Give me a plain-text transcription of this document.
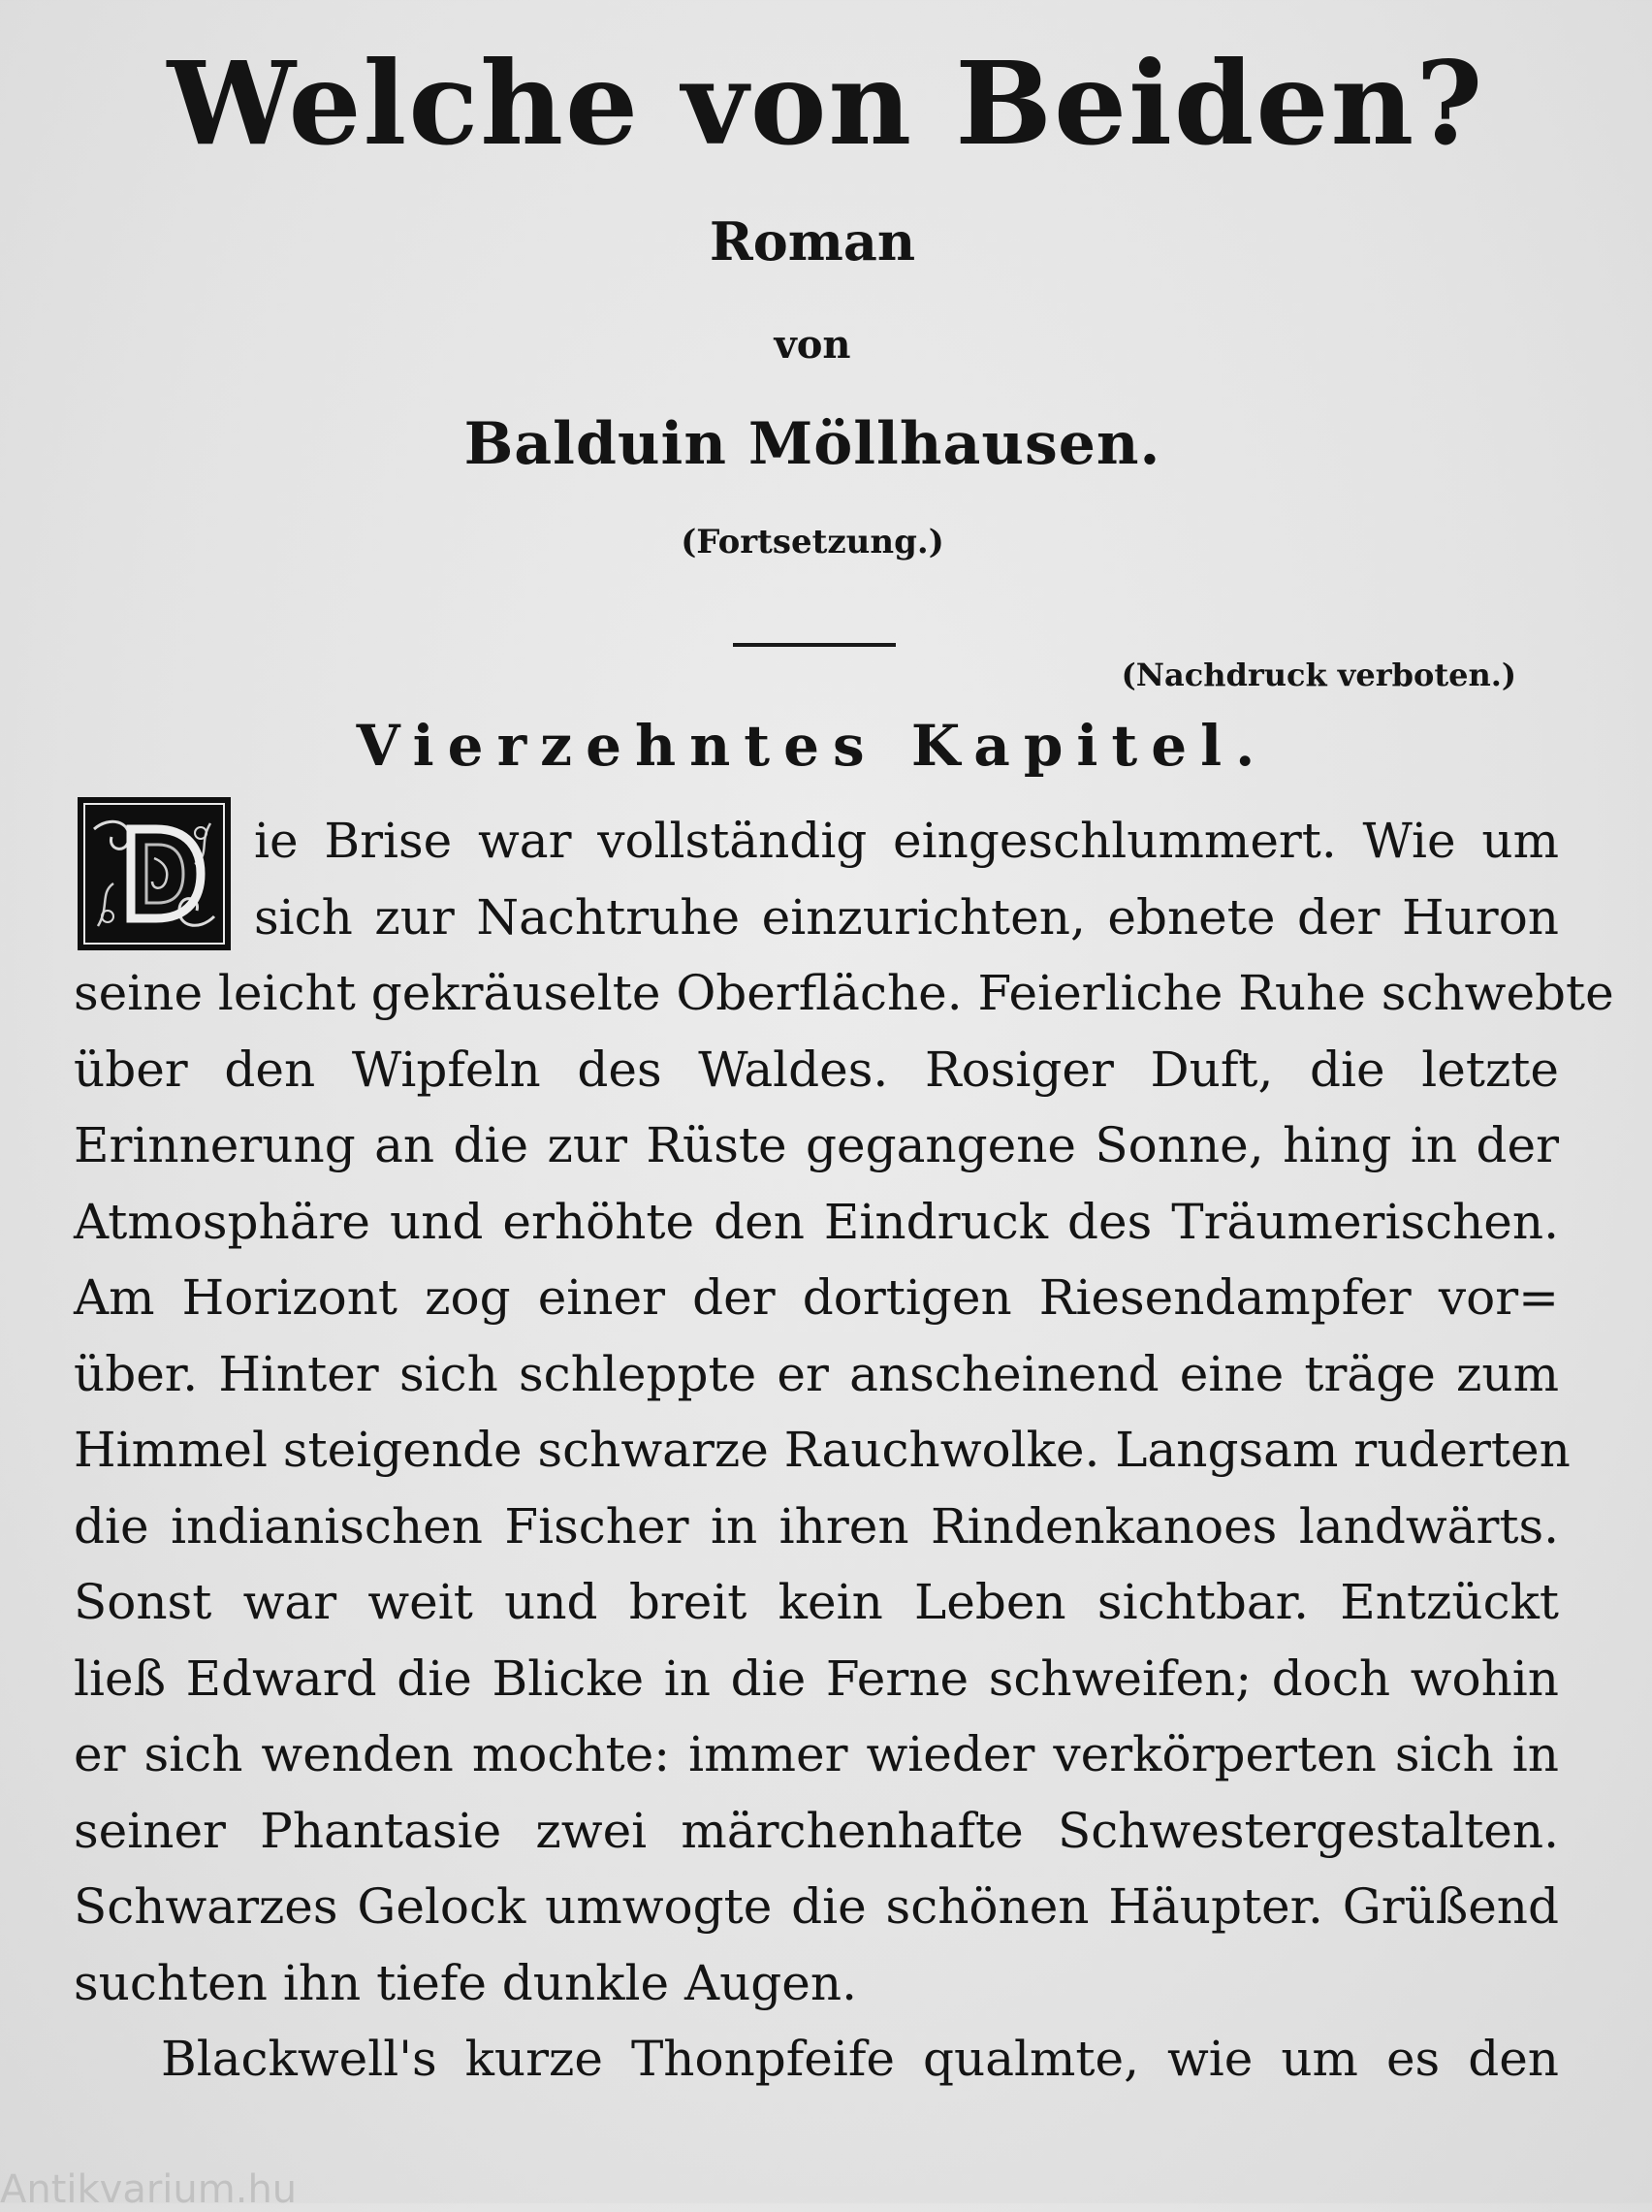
Welche von Beiden?
Roman
von
Balduin Möllhausen.
(Fortsetzung.)
(Nachdruck verboten.)
Vierzehntes Kapitel.
ie Brise war vollständig eingeschlummert. Wie um
sich zur Nachtruhe einzurichten, ebnete der Huron
seine leicht gekräuselte Oberfläche. Feierliche Ruhe schwebte
über den Wipfeln des Waldes. Rosiger Duft, die letzte
Erinnerung an die zur Rüste gegangene Sonne, hing in der
Atmosphäre und erhöhte den Eindruck des Träumerischen.
Am Horizont zog einer der dortigen Riesendampfer vor=
über. Hinter sich schleppte er anscheinend eine träge zum
Himmel steigende schwarze Rauchwolke. Langsam ruderten
die indianischen Fischer in ihren Rindenkanoes landwärts.
Sonst war weit und breit kein Leben sichtbar. Entzückt
ließ Edward die Blicke in die Ferne schweifen; doch wohin
er sich wenden mochte: immer wieder verkörperten sich in
seiner Phantasie zwei märchenhafte Schwestergestalten.
Schwarzes Gelock umwogte die schönen Häupter. Grüßend
suchten ihn tiefe dunkle Augen.
Blackwell's kurze Thonpfeife qualmte, wie um es den
Antikvarium.hu
